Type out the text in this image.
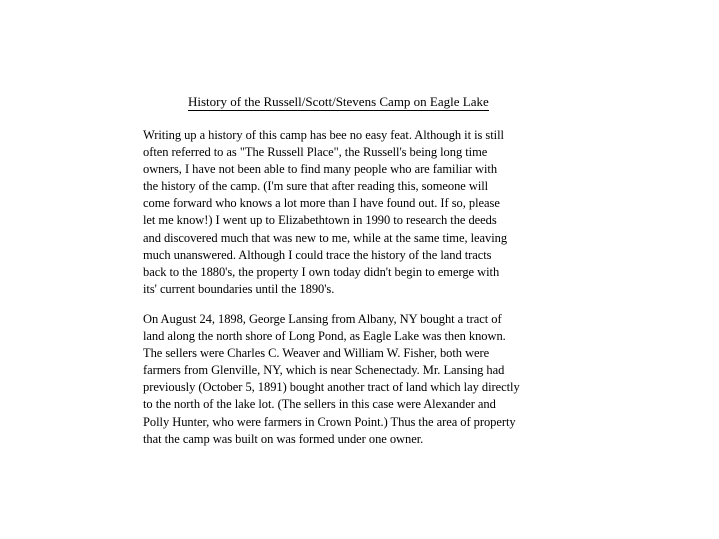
History of the Russell/Scott/Stevens Camp on Eagle Lake
Writing up a history of this camp has bee no easy feat. Although it is still
often referred to as "The Russell Place", the Russell's being long time
owners, I have not been able to find many people who are familiar with
the history of the camp. (I'm sure that after reading this, someone will
come forward who knows a lot more than I have found out. If so, please
let me know!) I went up to Elizabethtown in 1990 to research the deeds
and discovered much that was new to me, while at the same time, leaving
much unanswered. Although I could trace the history of the land tracts
back to the 1880's, the property I own today didn't begin to emerge with
its' current boundaries until the 1890's.
On August 24, 1898, George Lansing from Albany, NY bought a tract of
land along the north shore of Long Pond, as Eagle Lake was then known.
The sellers were Charles C. Weaver and William W. Fisher, both were
farmers from Glenville, NY, which is near Schenectady. Mr. Lansing had
previously (October 5, 1891) bought another tract of land which lay directly
to the north of the lake lot. (The sellers in this case were Alexander and
Polly Hunter, who were farmers in Crown Point.) Thus the area of property
that the camp was built on was formed under one owner.
